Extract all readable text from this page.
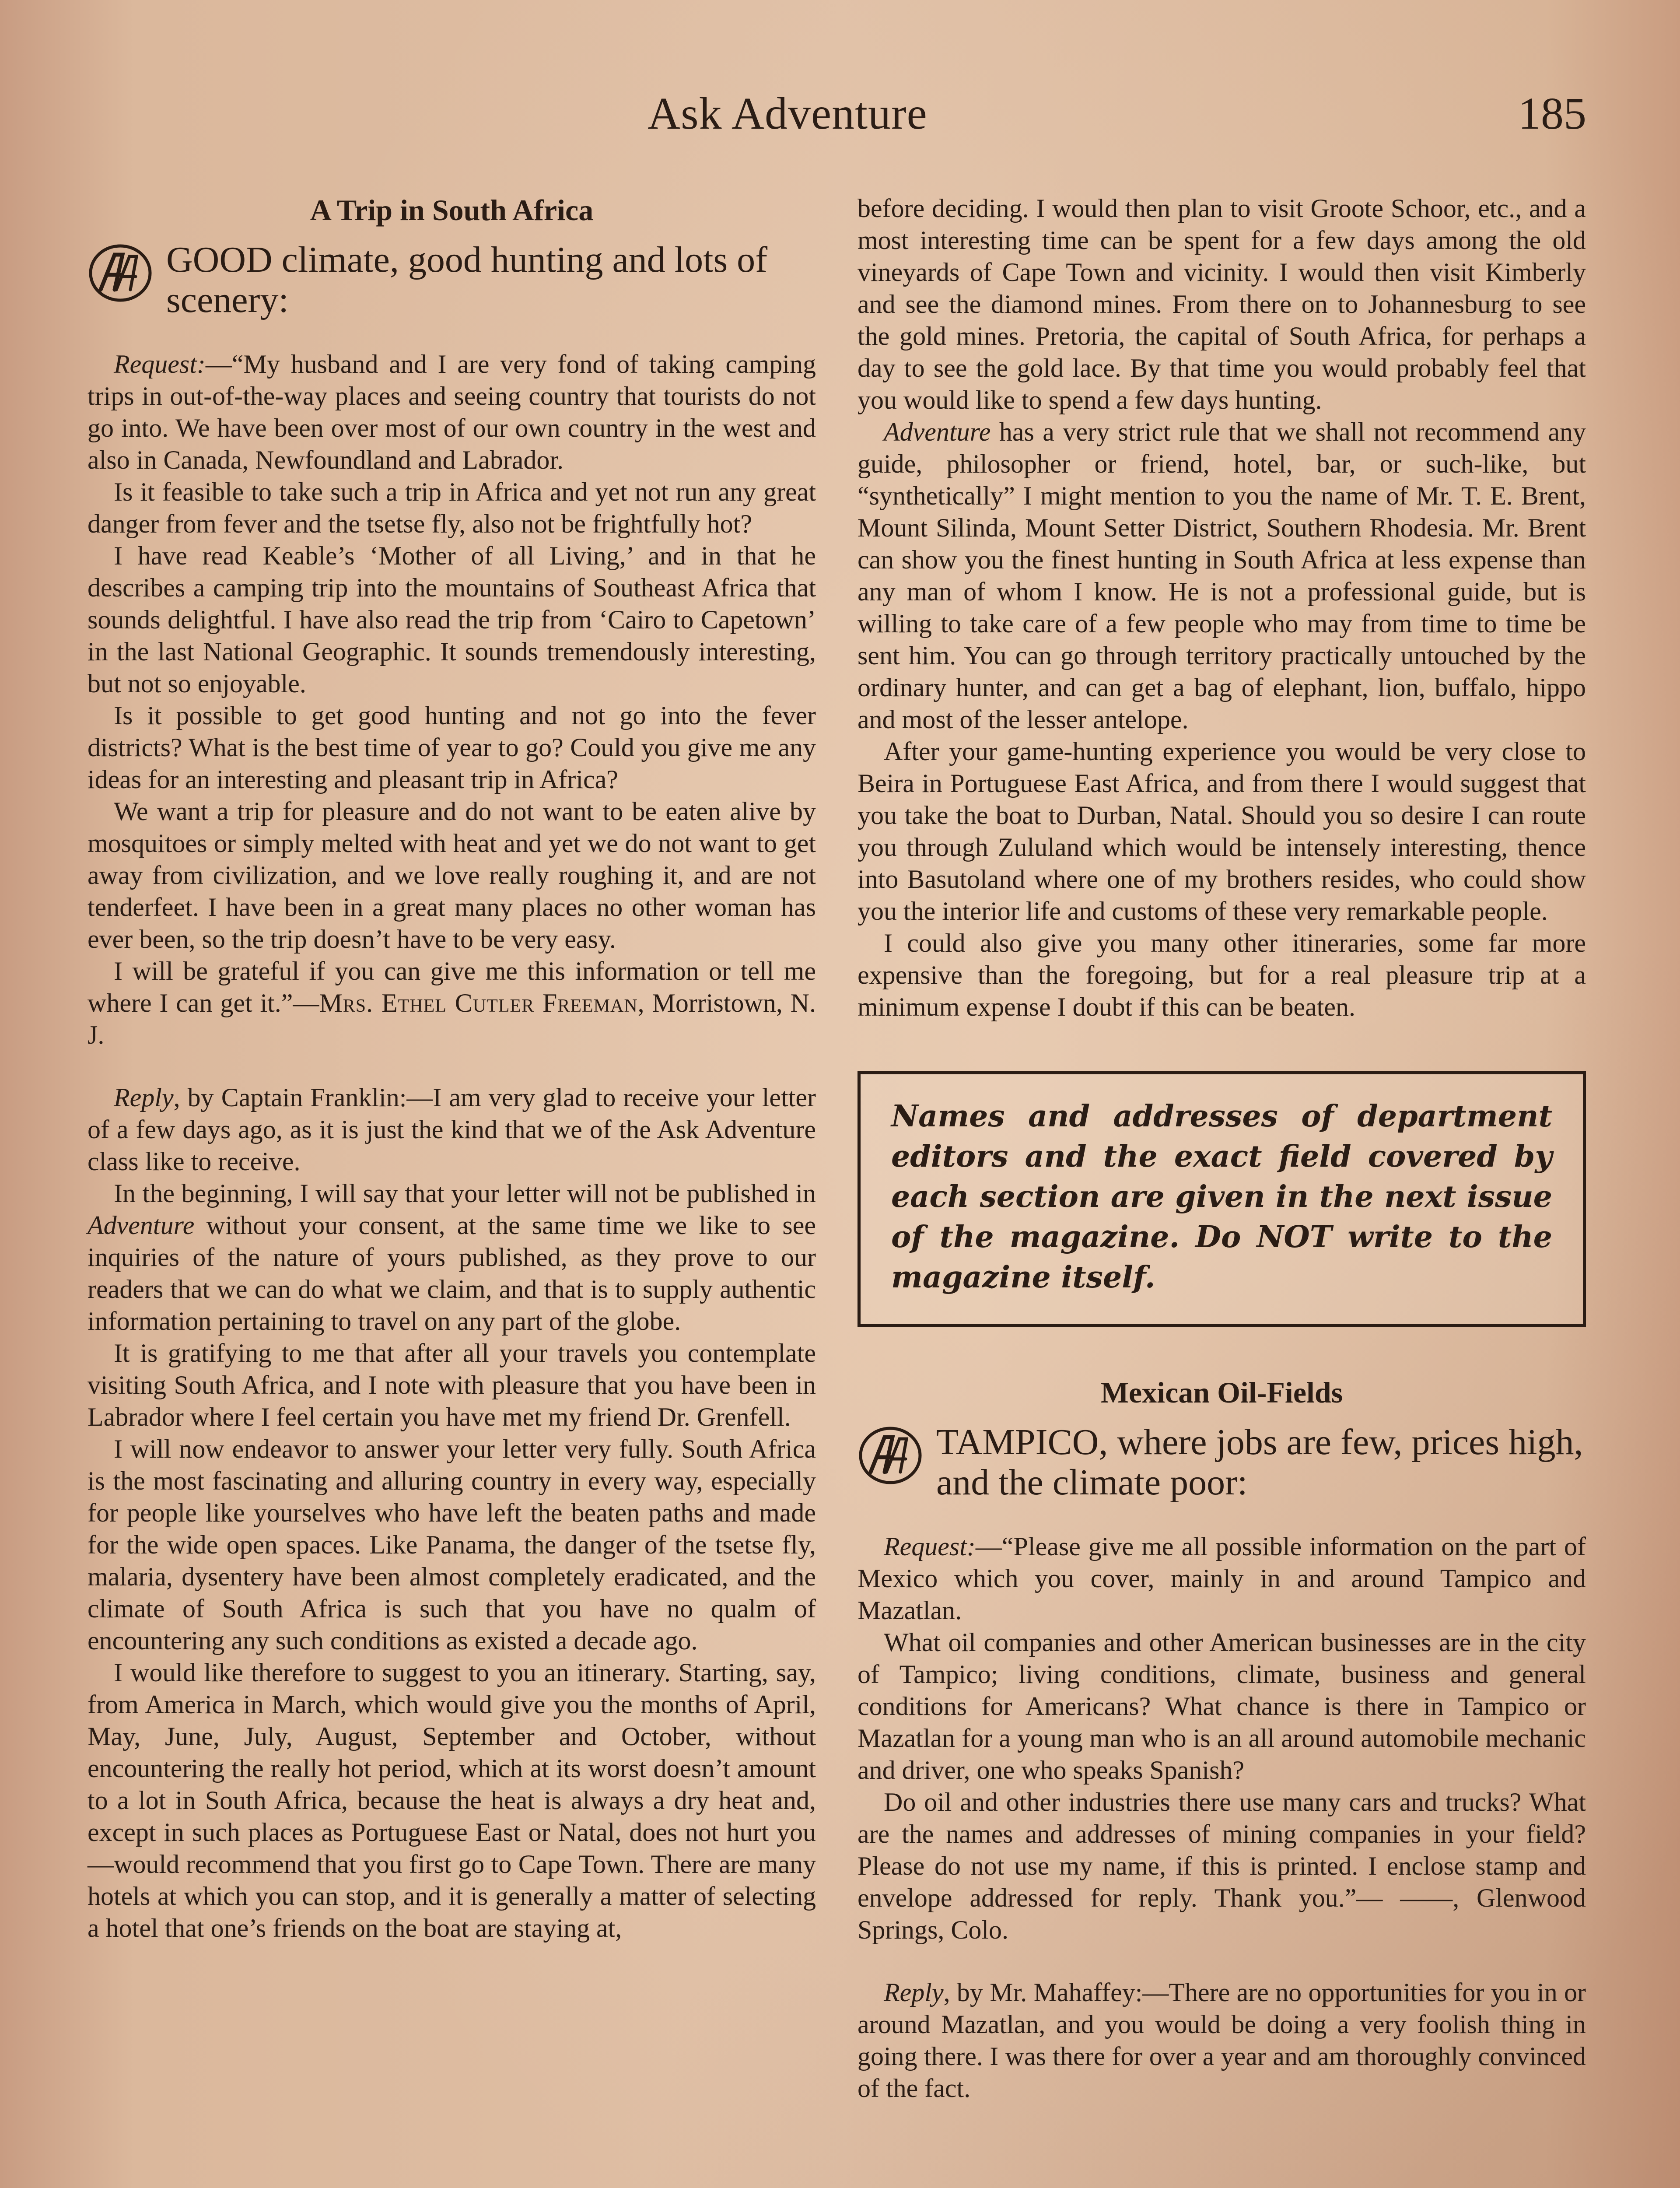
Ask Adventure	185
A Trip in South Africa
GOOD climate, good hunting and lots of scenery:

Request:—“My husband and I are very fond of taking camping trips in out-of-the-way places and seeing country that tourists do not go into. We have been over most of our own country in the west and also in Canada, Newfoundland and Labrador.

Is it feasible to take such a trip in Africa and yet not run any great danger from fever and the tsetse fly, also not be frightfully hot?

I have read Keable’s ‘Mother of all Living,’ and in that he describes a camping trip into the mountains of Southeast Africa that sounds delightful. I have also read the trip from ‘Cairo to Capetown’ in the last National Geographic. It sounds tremendously interesting, but not so enjoyable.

Is it possible to get good hunting and not go into the fever districts? What is the best time of year to go? Could you give me any ideas for an interesting and pleasant trip in Africa?

We want a trip for pleasure and do not want to be eaten alive by mosquitoes or simply melted with heat and yet we do not want to get away from civilization, and we love really roughing it, and are not tenderfeet. I have been in a great many places no other woman has ever been, so the trip doesn’t have to be very easy.

I will be grateful if you can give me this information or tell me where I can get it.”—Mrs. Ethel Cutler Freeman, Morristown, N. J.

Reply, by Captain Franklin:—I am very glad to receive your letter of a few days ago, as it is just the kind that we of the Ask Adventure class like to receive.

In the beginning, I will say that your letter will not be published in Adventure without your consent, at the same time we like to see inquiries of the nature of yours published, as they prove to our readers that we can do what we claim, and that is to supply authentic information pertaining to travel on any part of the globe.

It is gratifying to me that after all your travels you contemplate visiting South Africa, and I note with pleasure that you have been in Labrador where I feel certain you have met my friend Dr. Grenfell.

I will now endeavor to answer your letter very fully. South Africa is the most fascinating and alluring country in every way, especially for people like yourselves who have left the beaten paths and made for the wide open spaces. Like Panama, the danger of the tsetse fly, malaria, dysentery have been almost completely eradicated, and the climate of South Africa is such that you have no qualm of encountering any such conditions as existed a decade ago.

I would like therefore to suggest to you an itinerary. Starting, say, from America in March, which would give you the months of April, May, June, July, August, September and October, without encountering the really hot period, which at its worst doesn’t amount to a lot in South Africa, because the heat is always a dry heat and, except in such places as Portuguese East or Natal, does not hurt you—would recommend that you first go to Cape Town. There are many hotels at which you can stop, and it is generally a matter of selecting a hotel that one’s friends on the boat are staying at,

before deciding. I would then plan to visit Groote Schoor, etc., and a most interesting time can be spent for a few days among the old vineyards of Cape Town and vicinity. I would then visit Kimberly and see the diamond mines. From there on to Johannesburg to see the gold mines. Pretoria, the capital of South Africa, for perhaps a day to see the gold lace. By that time you would probably feel that you would like to spend a few days hunting.

Adventure has a very strict rule that we shall not recommend any guide, philosopher or friend, hotel, bar, or such-like, but “synthetically” I might mention to you the name of Mr. T. E. Brent, Mount Silinda, Mount Setter District, Southern Rhodesia. Mr. Brent can show you the finest hunting in South Africa at less expense than any man of whom I know. He is not a professional guide, but is willing to take care of a few people who may from time to time be sent him. You can go through territory practically untouched by the ordinary hunter, and can get a bag of elephant, lion, buffalo, hippo and most of the lesser antelope.

After your game-hunting experience you would be very close to Beira in Portuguese East Africa, and from there I would suggest that you take the boat to Durban, Natal. Should you so desire I can route you through Zululand which would be intensely interesting, thence into Basutoland where one of my brothers resides, who could show you the interior life and customs of these very remarkable people.

I could also give you many other itineraries, some far more expensive than the foregoing, but for a real pleasure trip at a minimum expense I doubt if this can be beaten.

Names and addresses of department editors and the exact field covered by each section are given in the next issue of the magazine. Do NOT write to the magazine itself.
Mexican Oil-Fields
TAMPICO, where jobs are few, prices high, and the climate poor:

Request:—“Please give me all possible information on the part of Mexico which you cover, mainly in and around Tampico and Mazatlan.

What oil companies and other American businesses are in the city of Tampico; living conditions, climate, business and general conditions for Americans? What chance is there in Tampico or Mazatlan for a young man who is an all around automobile mechanic and driver, one who speaks Spanish?

Do oil and other industries there use many cars and trucks? What are the names and addresses of mining companies in your field? Please do not use my name, if this is printed. I enclose stamp and envelope addressed for reply. Thank you.”— ——, Glenwood Springs, Colo.

Reply, by Mr. Mahaffey:—There are no opportunities for you in or around Mazatlan, and you would be doing a very foolish thing in going there. I was there for over a year and am thoroughly convinced of the fact.
